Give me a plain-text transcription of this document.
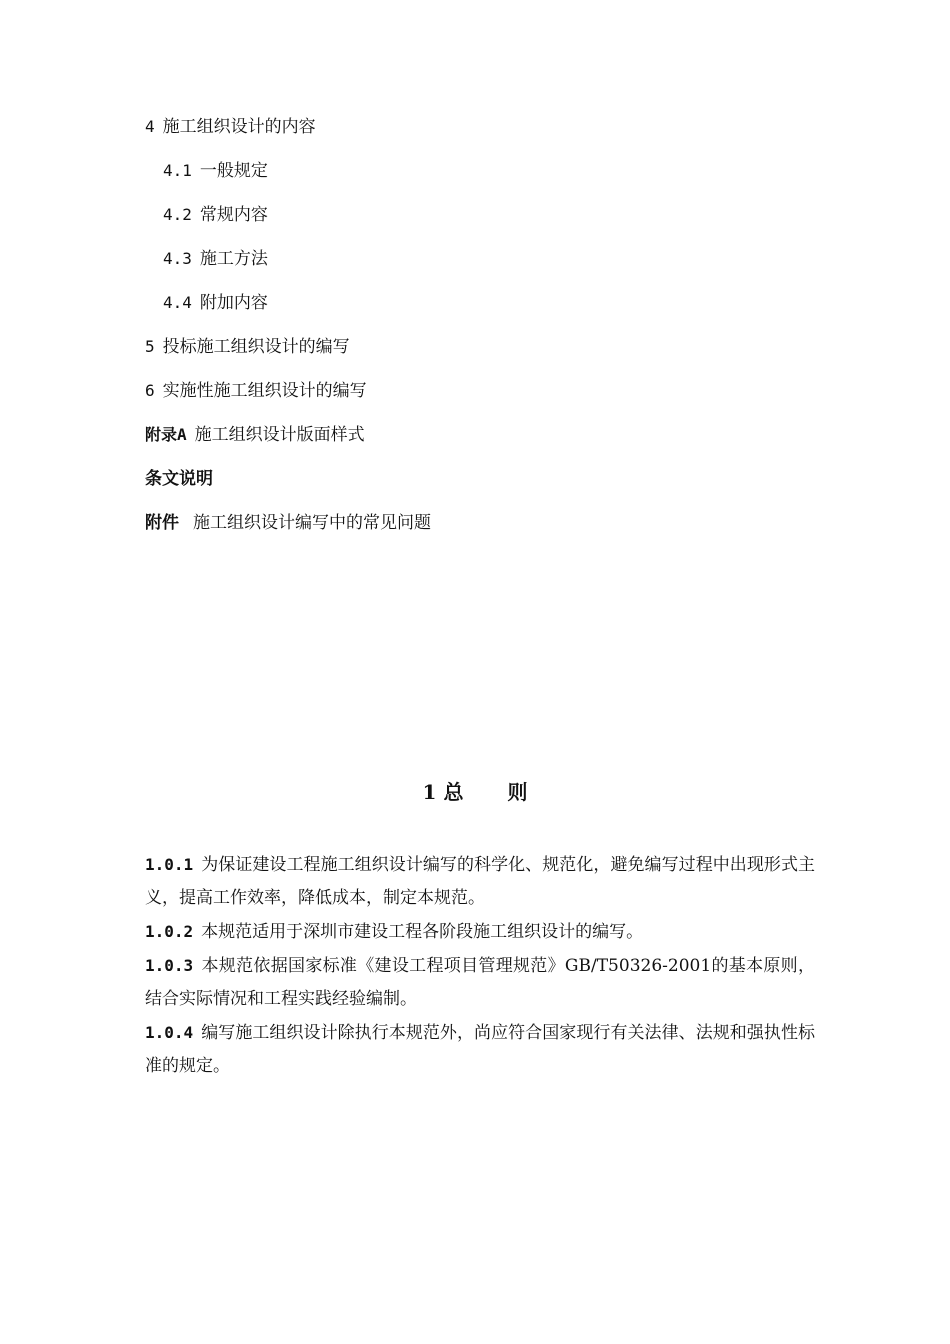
4 施工组织设计的内容
4.1 一般规定
4.2 常规内容
4.3 施工方法
4.4 附加内容
5 投标施工组织设计的编写
6 实施性施工组织设计的编写
附录A 施工组织设计版面样式
条文说明
附件 施工组织设计编写中的常见问题
1 总 则
1.0.1 为保证建设工程施工组织设计编写的科学化、规范化，避免编写过程中出现形式主义，提高工作效率，降低成本，制定本规范。
1.0.2 本规范适用于深圳市建设工程各阶段施工组织设计的编写。
1.0.3 本规范依据国家标准《建设工程项目管理规范》GB/T50326-2001的基本原则，结合实际情况和工程实践经验编制。
1.0.4 编写施工组织设计除执行本规范外，尚应符合国家现行有关法律、法规和强执性标准的规定。
